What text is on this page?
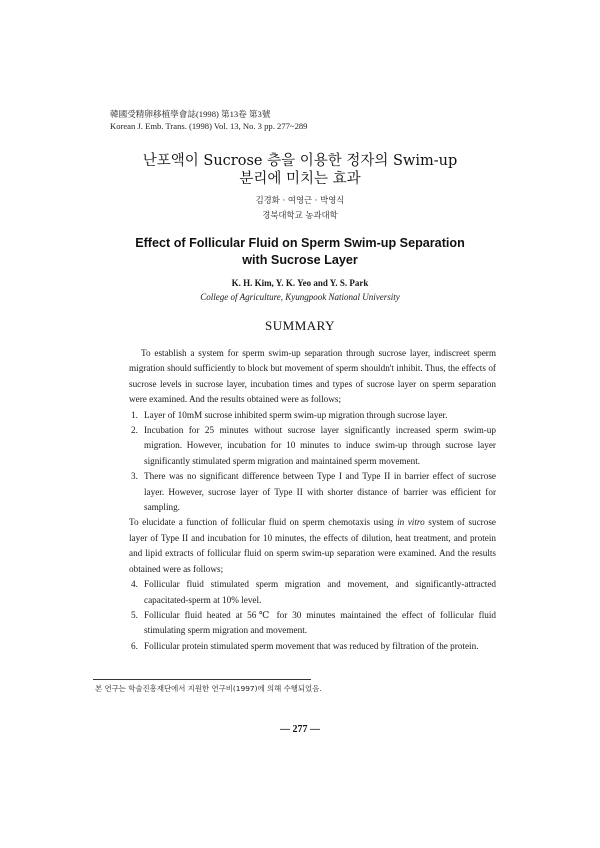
韓國受精卵移植學會誌(1998) 第13卷 第3號
Korean J. Emb. Trans. (1998) Vol. 13, No. 3 pp. 277~289
난포액이 Sucrose 층을 이용한 정자의 Swim-up
분리에 미치는 효과
김경화 · 여영근 · 박영식
경북대학교 농과대학
Effect of Follicular Fluid on Sperm Swim-up Separation
with Sucrose Layer
K. H. Kim, Y. K. Yeo and Y. S. Park
College of Agriculture, Kyungpook National University
SUMMARY

To establish a system for sperm swim-up separation through sucrose layer, indiscreet sperm migration should sufficiently to block but movement of sperm shouldn't inhibit. Thus, the effects of sucrose levels in sucrose layer, incubation times and types of sucrose layer on sperm separation were examined. And the results obtained were as follows;

1. Layer of 10mM sucrose inhibited sperm swim-up migration through sucrose layer.
2. Incubation for 25 minutes without sucrose layer significantly increased sperm swim-up migration. However, incubation for 10 minutes to induce swim-up through sucrose layer significantly stimulated sperm migration and maintained sperm movement.
3. There was no significant difference between Type I and Type II in barrier effect of sucrose layer. However, sucrose layer of Type II with shorter distance of barrier was efficient for sampling.

To elucidate a function of follicular fluid on sperm chemotaxis using in vitro system of sucrose layer of Type II and incubation for 10 minutes, the effects of dilution, heat treatment, and protein and lipid extracts of follicular fluid on sperm swim-up separation were examined. And the results obtained were as follows;

4. Follicular fluid stimulated sperm migration and movement, and significantly-attracted capacitated-sperm at 10% level.
5. Follicular fluid heated at 56℃ for 30 minutes maintained the effect of follicular fluid stimulating sperm migration and movement.
6. Follicular protein stimulated sperm movement that was reduced by filtration of the protein.
본 연구는 학술진흥재단에서 지원한 연구비(1997)에 의해 수행되었음.
— 277 —
